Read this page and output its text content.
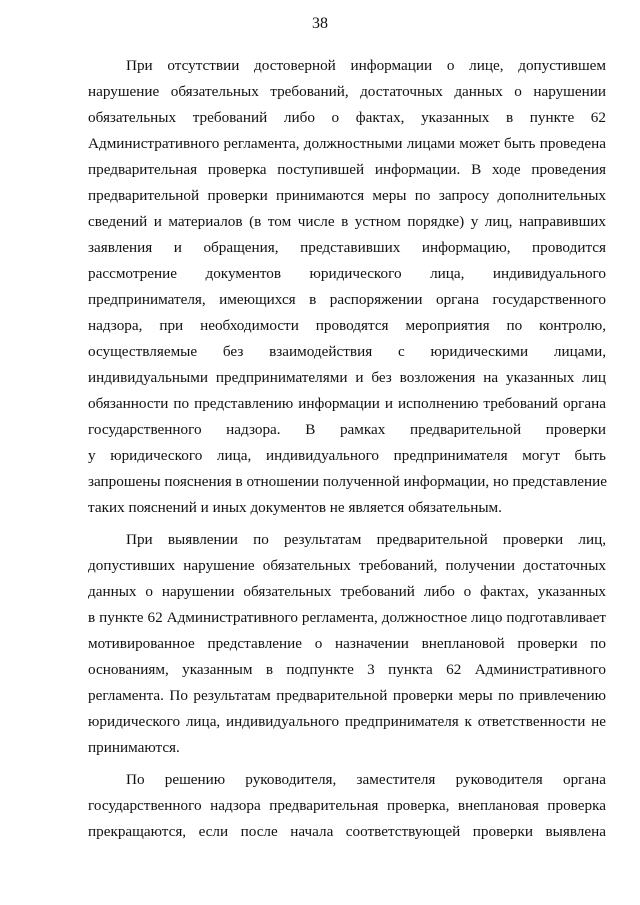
38
При отсутствии достоверной информации о лице, допустившем
нарушение обязательных требований, достаточных данных о нарушении
обязательных требований либо о фактах, указанных в пункте 62
Административного регламента, должностными лицами может быть проведена
предварительная проверка поступившей информации. В ходе проведения
предварительной проверки принимаются меры по запросу дополнительных
сведений и материалов (в том числе в устном порядке) у лиц, направивших
заявления и обращения, представивших информацию, проводится
рассмотрение документов юридического лица, индивидуального
предпринимателя, имеющихся в распоряжении органа государственного
надзора, при необходимости проводятся мероприятия по контролю,
осуществляемые без взаимодействия с юридическими лицами,
индивидуальными предпринимателями и без возложения на указанных лиц
обязанности по представлению информации и исполнению требований органа
государственного надзора. В рамках предварительной проверки
у юридического лица, индивидуального предпринимателя могут быть
запрошены пояснения в отношении полученной информации, но представление
таких пояснений и иных документов не является обязательным.
При выявлении по результатам предварительной проверки лиц,
допустивших нарушение обязательных требований, получении достаточных
данных о нарушении обязательных требований либо о фактах, указанных
в пункте 62 Административного регламента, должностное лицо подготавливает
мотивированное представление о назначении внеплановой проверки по
основаниям, указанным в подпункте 3 пункта 62 Административного
регламента. По результатам предварительной проверки меры по привлечению
юридического лица, индивидуального предпринимателя к ответственности не
принимаются.
По решению руководителя, заместителя руководителя органа
государственного надзора предварительная проверка, внеплановая проверка
прекращаются, если после начала соответствующей проверки выявлена
